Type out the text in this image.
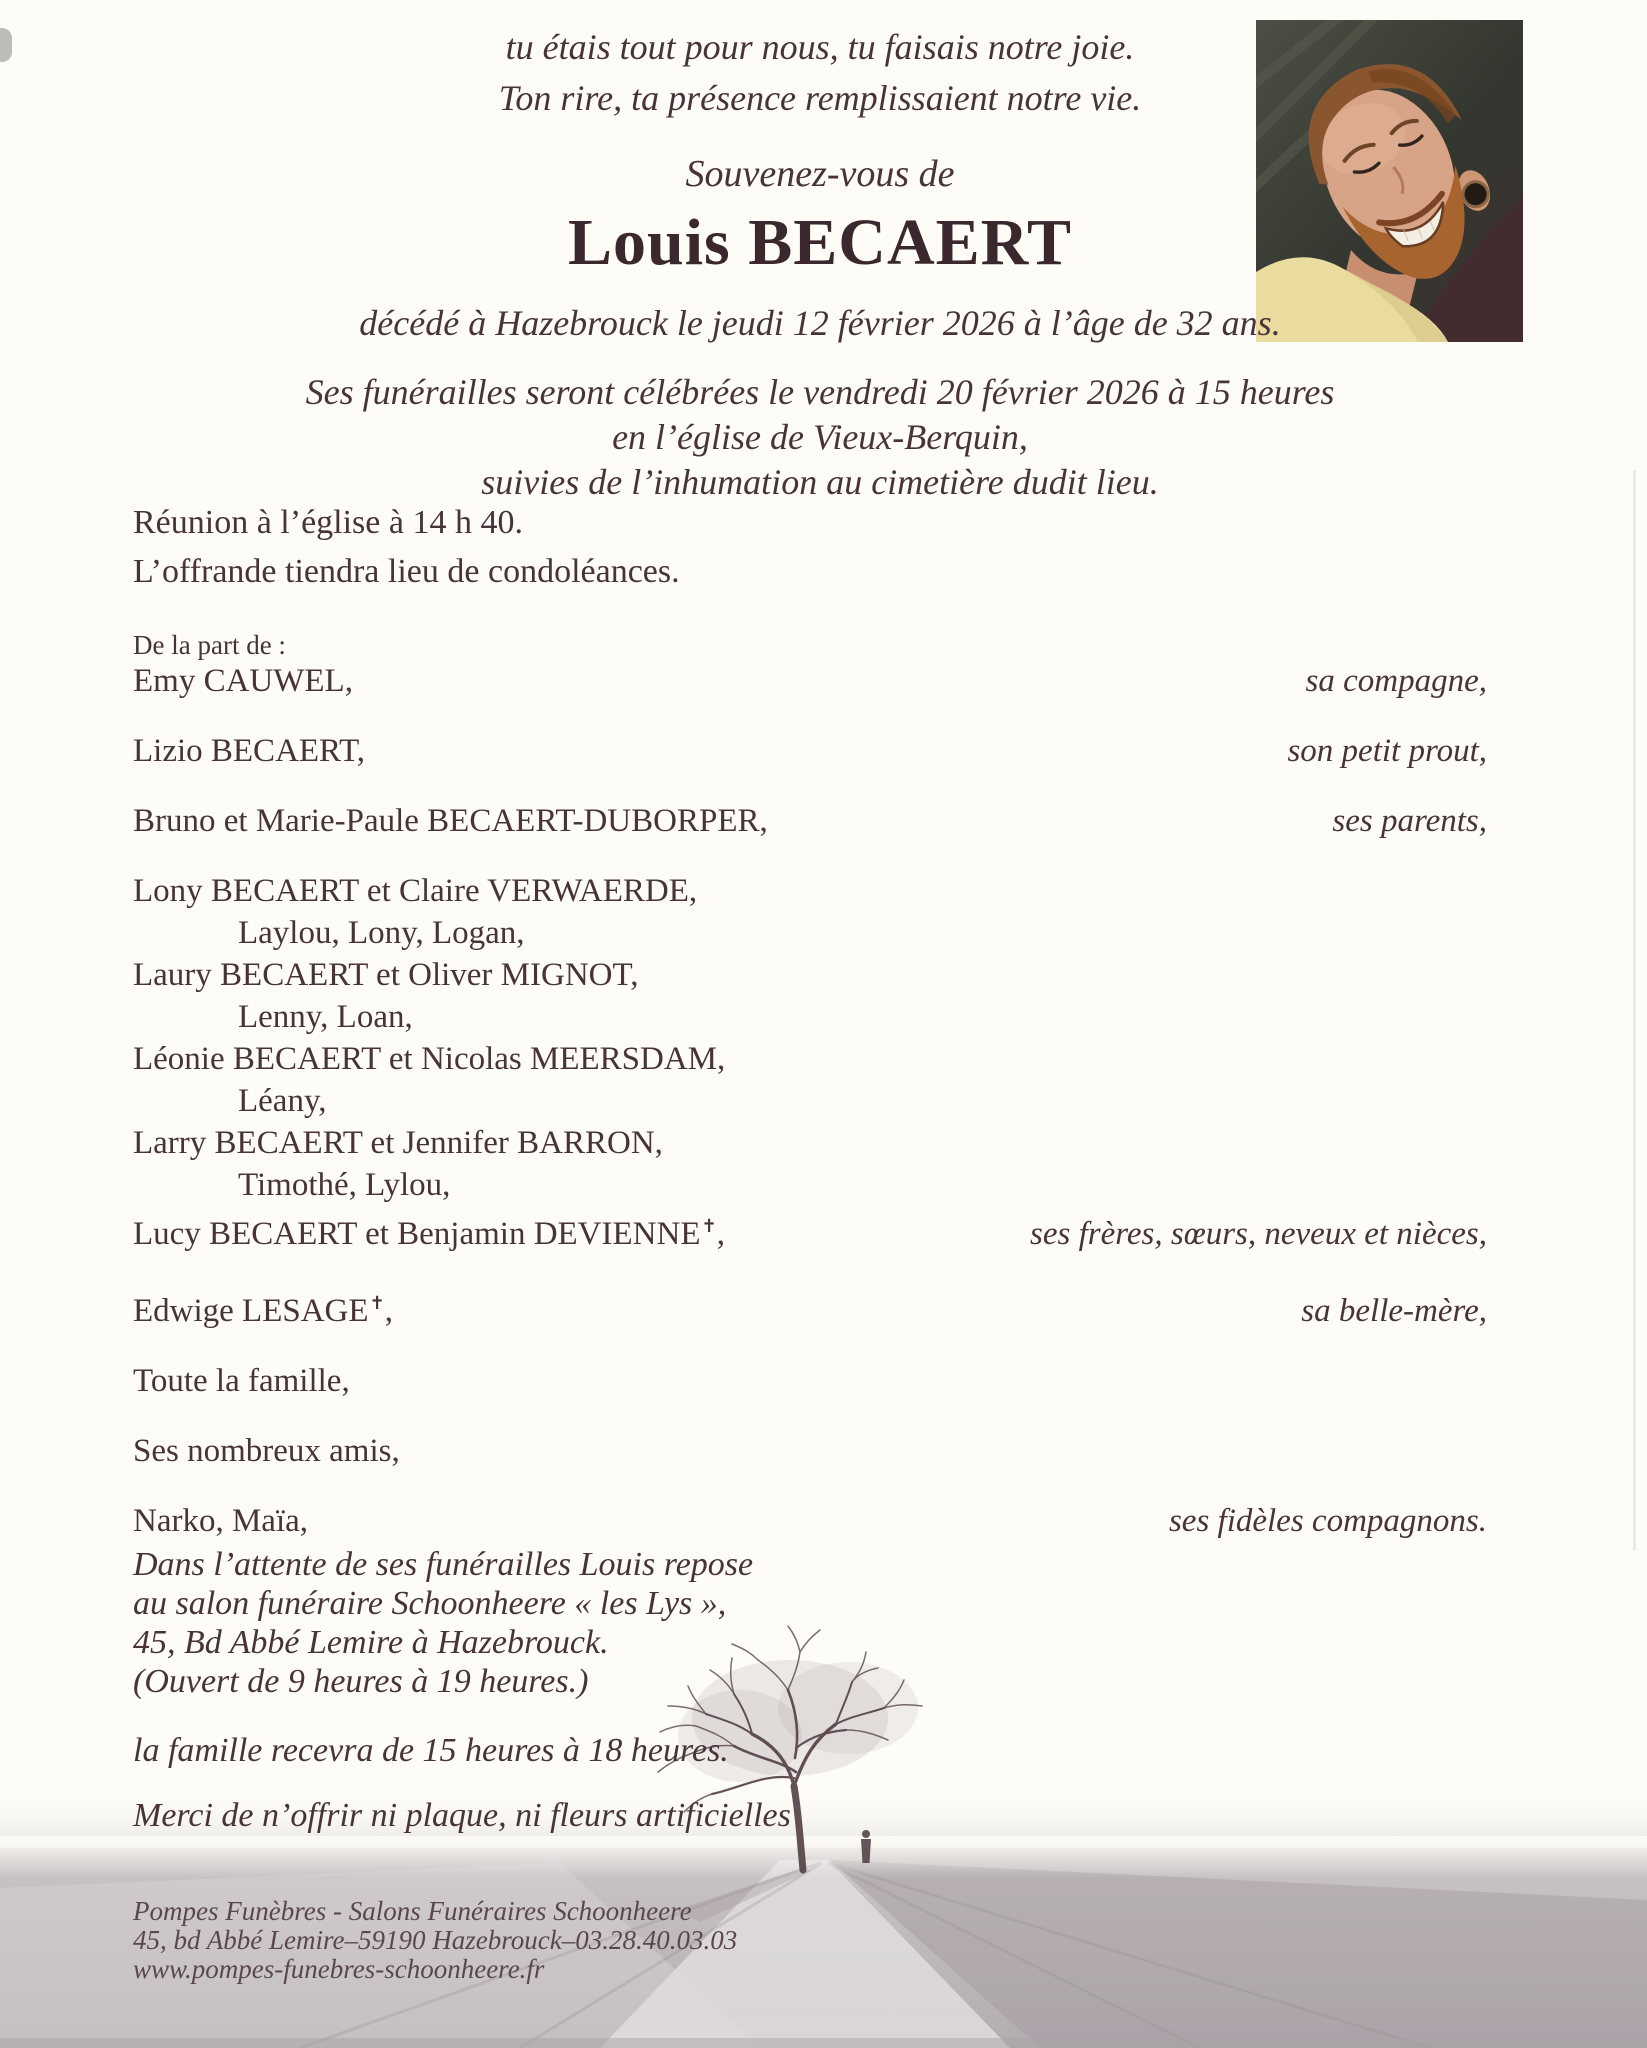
tu étais tout pour nous, tu faisais notre joie.
Ton rire, ta présence remplissaient notre vie.
Souvenez-vous de
Louis BECAERT
décédé à Hazebrouck le jeudi 12 février 2026 à l’âge de 32 ans.
Ses funérailles seront célébrées le vendredi 20 février 2026 à 15 heures
en l’église de Vieux-Berquin,
suivies de l’inhumation au cimetière dudit lieu.
Réunion à l’église à 14 h 40.
L’offrande tiendra lieu de condoléances.
De la part de :
Emy CAUWEL,	sa compagne,
Lizio BECAERT,	son petit prout,
Bruno et Marie-Paule BECAERT-DUBORPER,	ses parents,
Lony BECAERT et Claire VERWAERDE,
Laylou, Lony, Logan,
Laury BECAERT et Oliver MIGNOT,
Lenny, Loan,
Léonie BECAERT et Nicolas MEERSDAM,
Léany,
Larry BECAERT et Jennifer BARRON,
Timothé, Lylou,
Lucy BECAERT et Benjamin DEVIENNE✝,	ses frères, sœurs, neveux et nièces,
Edwige LESAGE✝,	sa belle-mère,
Toute la famille,
Ses nombreux amis,
Narko, Maïa,	ses fidèles compagnons.
Dans l’attente de ses funérailles Louis repose
au salon funéraire Schoonheere « les Lys »,
45, Bd Abbé Lemire à Hazebrouck.
(Ouvert de 9 heures à 19 heures.)
la famille recevra de 15 heures à 18 heures.
Merci de n’offrir ni plaque, ni fleurs artificielles
Pompes Funèbres - Salons Funéraires Schoonheere
45, bd Abbé Lemire–59190 Hazebrouck–03.28.40.03.03
www.pompes-funebres-schoonheere.fr
